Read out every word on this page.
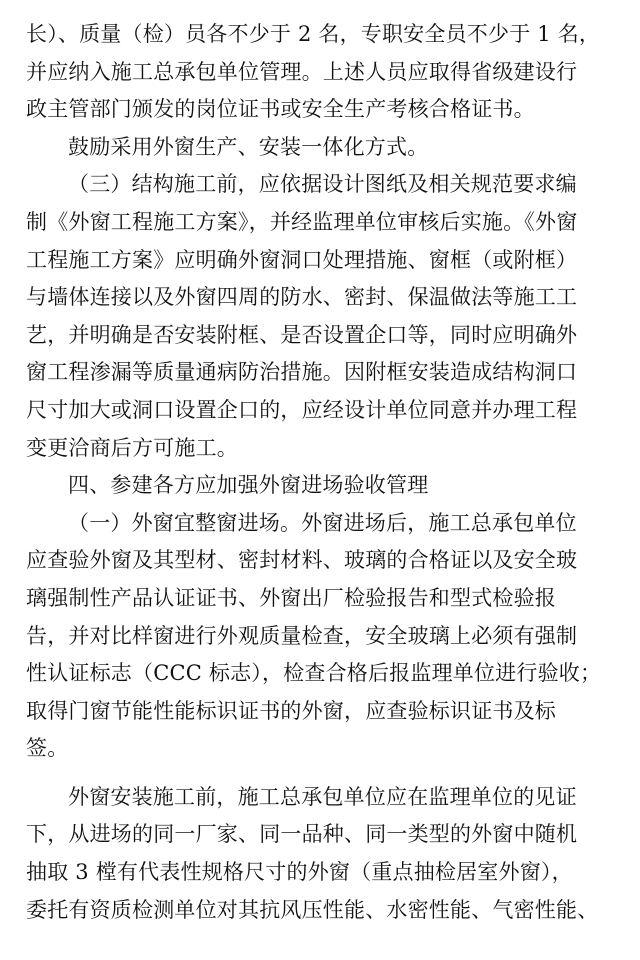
长）、质量（检）员各不少于 2 名，专职安全员不少于 1 名，
并应纳入施工总承包单位管理。上述人员应取得省级建设行
政主管部门颁发的岗位证书或安全生产考核合格证书。
鼓励采用外窗生产、安装一体化方式。
（三）结构施工前，应依据设计图纸及相关规范要求编
制《外窗工程施工方案》，并经监理单位审核后实施。《外窗
工程施工方案》应明确外窗洞口处理措施、窗框（或附框）
与墙体连接以及外窗四周的防水、密封、保温做法等施工工
艺，并明确是否安装附框、是否设置企口等，同时应明确外
窗工程渗漏等质量通病防治措施。因附框安装造成结构洞口
尺寸加大或洞口设置企口的，应经设计单位同意并办理工程
变更洽商后方可施工。
四、参建各方应加强外窗进场验收管理
（一）外窗宜整窗进场。外窗进场后，施工总承包单位
应查验外窗及其型材、密封材料、玻璃的合格证以及安全玻
璃强制性产品认证证书、外窗出厂检验报告和型式检验报
告，并对比样窗进行外观质量检查，安全玻璃上必须有强制
性认证标志（CCC 标志），检查合格后报监理单位进行验收；
取得门窗节能性能标识证书的外窗，应查验标识证书及标
签。
外窗安装施工前，施工总承包单位应在监理单位的见证
下，从进场的同一厂家、同一品种、同一类型的外窗中随机
抽取 3 樘有代表性规格尺寸的外窗（重点抽检居室外窗），
委托有资质检测单位对其抗风压性能、水密性能、气密性能、
